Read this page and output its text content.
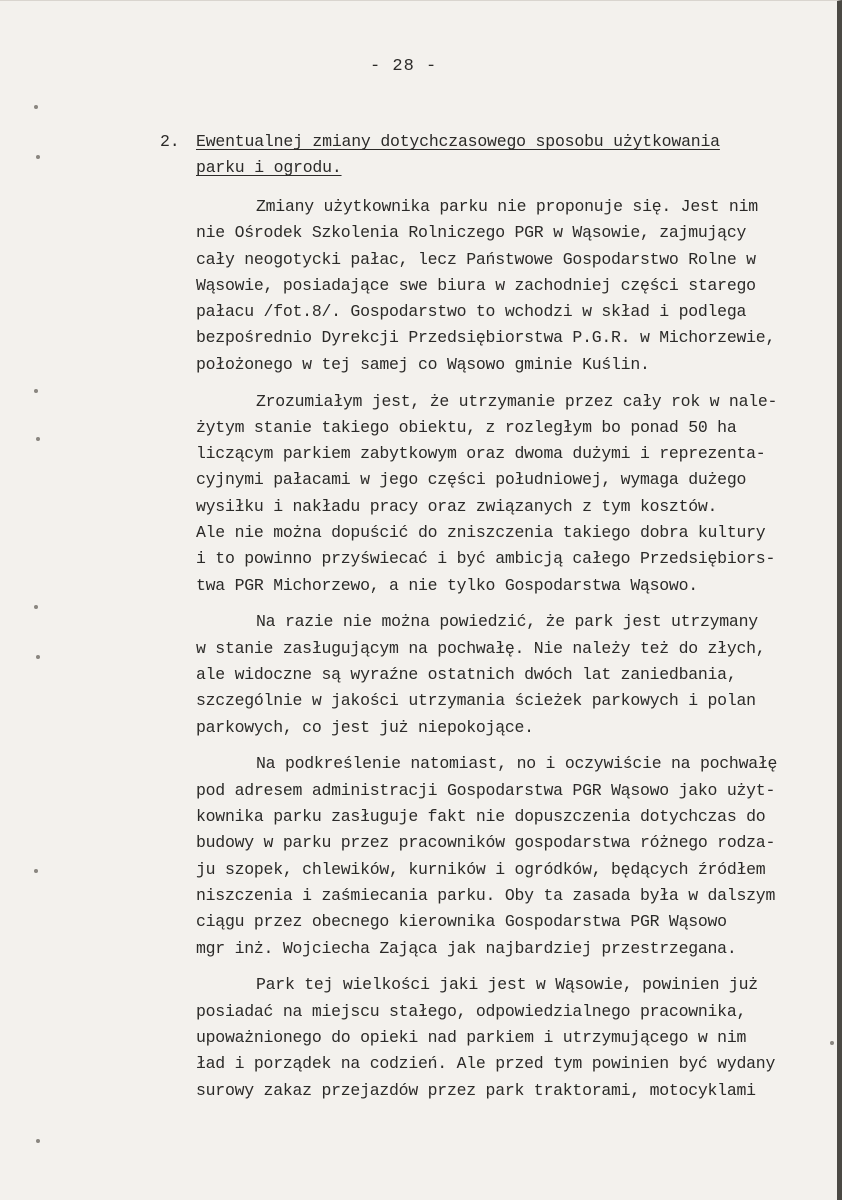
- 28 -
2. Ewentualnej zmiany dotychczasowego sposobu użytkowania
parku i ogrodu.
Zmiany użytkownika parku nie proponuje się. Jest nim
nie Ośrodek Szkolenia Rolniczego PGR w Wąsowie, zajmujący
cały neogotycki pałac, lecz Państwowe Gospodarstwo Rolne w
Wąsowie, posiadające swe biura w zachodniej części starego
pałacu /fot.8/. Gospodarstwo to wchodzi w skład i podlega
bezpośrednio Dyrekcji Przedsiębiorstwa P.G.R. w Michorzewie,
położonego w tej samej co Wąsowo gminie Kuślin.
Zrozumiałym jest, że utrzymanie przez cały rok w nale-
żytym stanie takiego obiektu, z rozległym bo ponad 50 ha
liczącym parkiem zabytkowym oraz dwoma dużymi i reprezenta-
cyjnymi pałacami w jego części południowej, wymaga dużego
wysiłku i nakładu pracy oraz związanych z tym kosztów.
Ale nie można dopuścić do zniszczenia takiego dobra kultury
i to powinno przyświecać i być ambicją całego Przedsiębiors-
twa PGR Michorzewo, a nie tylko Gospodarstwa Wąsowo.
Na razie nie można powiedzić, że park jest utrzymany
w stanie zasługującym na pochwałę. Nie należy też do złych,
ale widoczne są wyraźne ostatnich dwóch lat zaniedbania,
szczególnie w jakości utrzymania ścieżek parkowych i polan
parkowych, co jest już niepokojące.
Na podkreślenie natomiast, no i oczywiście na pochwałę
pod adresem administracji Gospodarstwa PGR Wąsowo jako użyt-
kownika parku zasługuje fakt nie dopuszczenia dotychczas do
budowy w parku przez pracowników gospodarstwa różnego rodza-
ju szopek, chlewików, kurników i ogródków, będących źródłem
niszczenia i zaśmiecania parku. Oby ta zasada była w dalszym
ciągu przez obecnego kierownika Gospodarstwa PGR Wąsowo
mgr inż. Wojciecha Zająca jak najbardziej przestrzegana.
Park tej wielkości jaki jest w Wąsowie, powinien już
posiadać na miejscu stałego, odpowiedzialnego pracownika,
upoważnionego do opieki nad parkiem i utrzymującego w nim
ład i porządek na codzień. Ale przed tym powinien być wydany
surowy zakaz przejazdów przez park traktorami, motocyklami
